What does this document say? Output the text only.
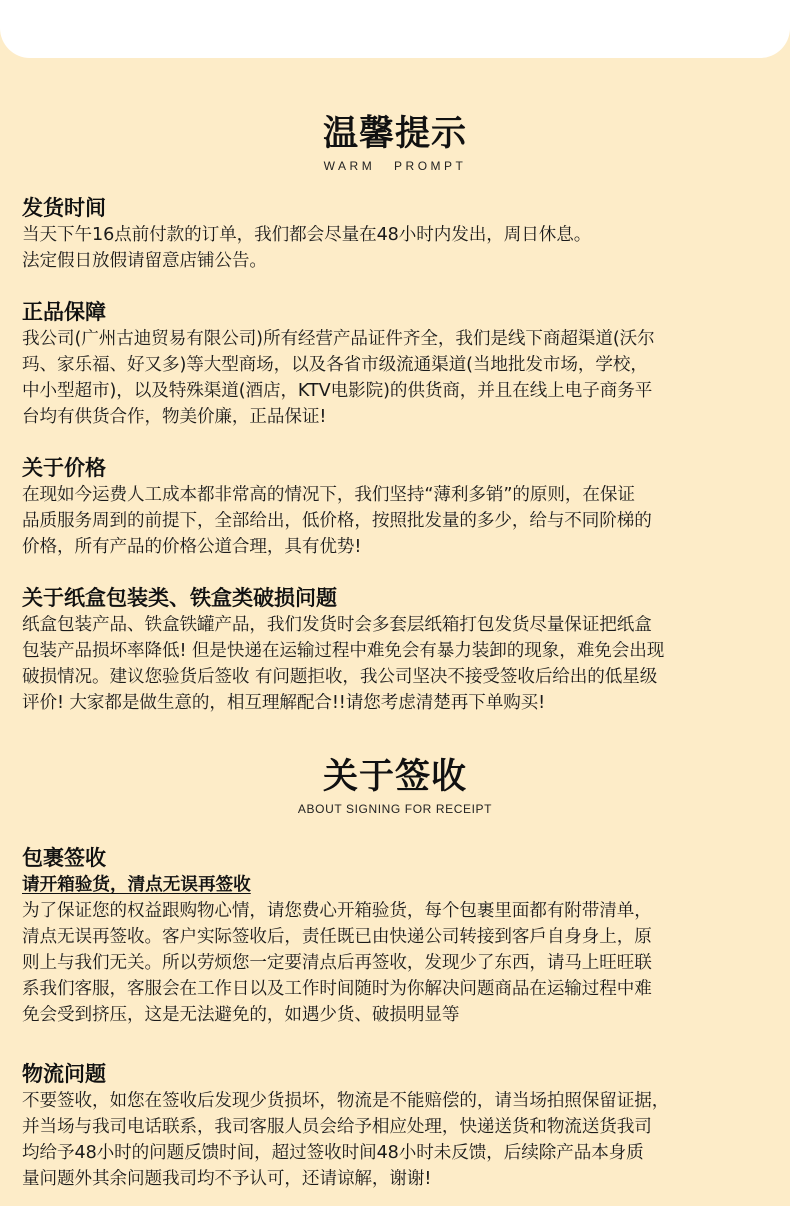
温馨提示
WARM PROMPT
发货时间
当天下午16点前付款的订单，我们都会尽量在48小时内发出，周日休息。
法定假日放假请留意店铺公告。
正品保障
我公司(广州古迪贸易有限公司)所有经营产品证件齐全，我们是线下商超渠道(沃尔
玛、家乐福、好又多)等大型商场，以及各省市级流通渠道(当地批发市场，学校，
中小型超市)，以及特殊渠道(酒店，KTV电影院)的供货商，并且在线上电子商务平
台均有供货合作，物美价廉，正品保证!
关于价格
在现如今运费人工成本都非常高的情况下，我们坚持“薄利多销”的原则，在保证
品质服务周到的前提下，全部给出，低价格，按照批发量的多少，给与不同阶梯的
价格，所有产品的价格公道合理，具有优势!
关于纸盒包装类、铁盒类破损问题
纸盒包装产品、铁盒铁罐产品，我们发货时会多套层纸箱打包发货尽量保证把纸盒
包装产品损坏率降低! 但是快递在运输过程中难免会有暴力装卸的现象，难免会出现
破损情况。建议您验货后签收 有问题拒收，我公司坚决不接受签收后给出的低星级
评价! 大家都是做生意的，相互理解配合!!请您考虑清楚再下单购买!
关于签收
ABOUT SIGNING FOR RECEIPT
包裹签收
请开箱验货，清点无误再签收
为了保证您的权益跟购物心情，请您费心开箱验货，每个包裹里面都有附带清单，
清点无误再签收。客户实际签收后，责任既已由快递公司转接到客戶自身身上，原
则上与我们无关。所以劳烦您一定要清点后再签收，发现少了东西，请马上旺旺联
系我们客服，客服会在工作日以及工作时间随时为你解决问题商品在运输过程中难
免会受到挤压，这是无法避免的，如遇少货、破损明显等
物流问题
不要签收，如您在签收后发现少货损坏，物流是不能赔偿的，请当场拍照保留证据，
并当场与我司电话联系，我司客服人员会给予相应处理，快递送货和物流送货我司
均给予48小时的问题反馈时间，超过签收时间48小时未反馈，后续除产品本身质
量问题外其余问题我司均不予认可，还请谅解，谢谢!
